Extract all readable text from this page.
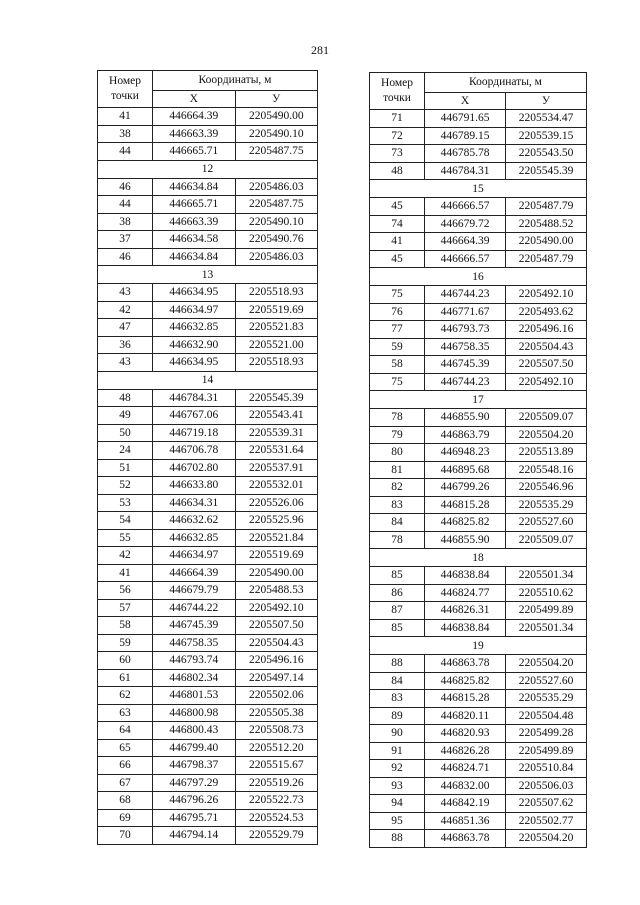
281
Номер
точки	Координаты, м	
	Х	У
41	446664.39	2205490.00
38	446663.39	2205490.10
44	446665.71	2205487.75
12		
46	446634.84	2205486.03
44	446665.71	2205487.75
38	446663.39	2205490.10
37	446634.58	2205490.76
46	446634.84	2205486.03
13		
43	446634.95	2205518.93
42	446634.97	2205519.69
47	446632.85	2205521.83
36	446632.90	2205521.00
43	446634.95	2205518.93
14		
48	446784.31	2205545.39
49	446767.06	2205543.41
50	446719.18	2205539.31
24	446706.78	2205531.64
51	446702.80	2205537.91
52	446633.80	2205532.01
53	446634.31	2205526.06
54	446632.62	2205525.96
55	446632.85	2205521.84
42	446634.97	2205519.69
41	446664.39	2205490.00
56	446679.79	2205488.53
57	446744.22	2205492.10
58	446745.39	2205507.50
59	446758.35	2205504.43
60	446793.74	2205496.16
61	446802.34	2205497.14
62	446801.53	2205502.06
63	446800.98	2205505.38
64	446800.43	2205508.73
65	446799.40	2205512.20
66	446798.37	2205515.67
67	446797.29	2205519.26
68	446796.26	2205522.73
69	446795.71	2205524.53
70	446794.14	2205529.79
Номер
точки	Координаты, м	
	Х	У
71	446791.65	2205534.47
72	446789.15	2205539.15
73	446785.78	2205543.50
48	446784.31	2205545.39
15		
45	446666.57	2205487.79
74	446679.72	2205488.52
41	446664.39	2205490.00
45	446666.57	2205487.79
16		
75	446744.23	2205492.10
76	446771.67	2205493.62
77	446793.73	2205496.16
59	446758.35	2205504.43
58	446745.39	2205507.50
75	446744.23	2205492.10
17		
78	446855.90	2205509.07
79	446863.79	2205504.20
80	446948.23	2205513.89
81	446895.68	2205548.16
82	446799.26	2205546.96
83	446815.28	2205535.29
84	446825.82	2205527.60
78	446855.90	2205509.07
18		
85	446838.84	2205501.34
86	446824.77	2205510.62
87	446826.31	2205499.89
85	446838.84	2205501.34
19		
88	446863.78	2205504.20
84	446825.82	2205527.60
83	446815.28	2205535.29
89	446820.11	2205504.48
90	446820.93	2205499.28
91	446826.28	2205499.89
92	446824.71	2205510.84
93	446832.00	2205506.03
94	446842.19	2205507.62
95	446851.36	2205502.77
88	446863.78	2205504.20
